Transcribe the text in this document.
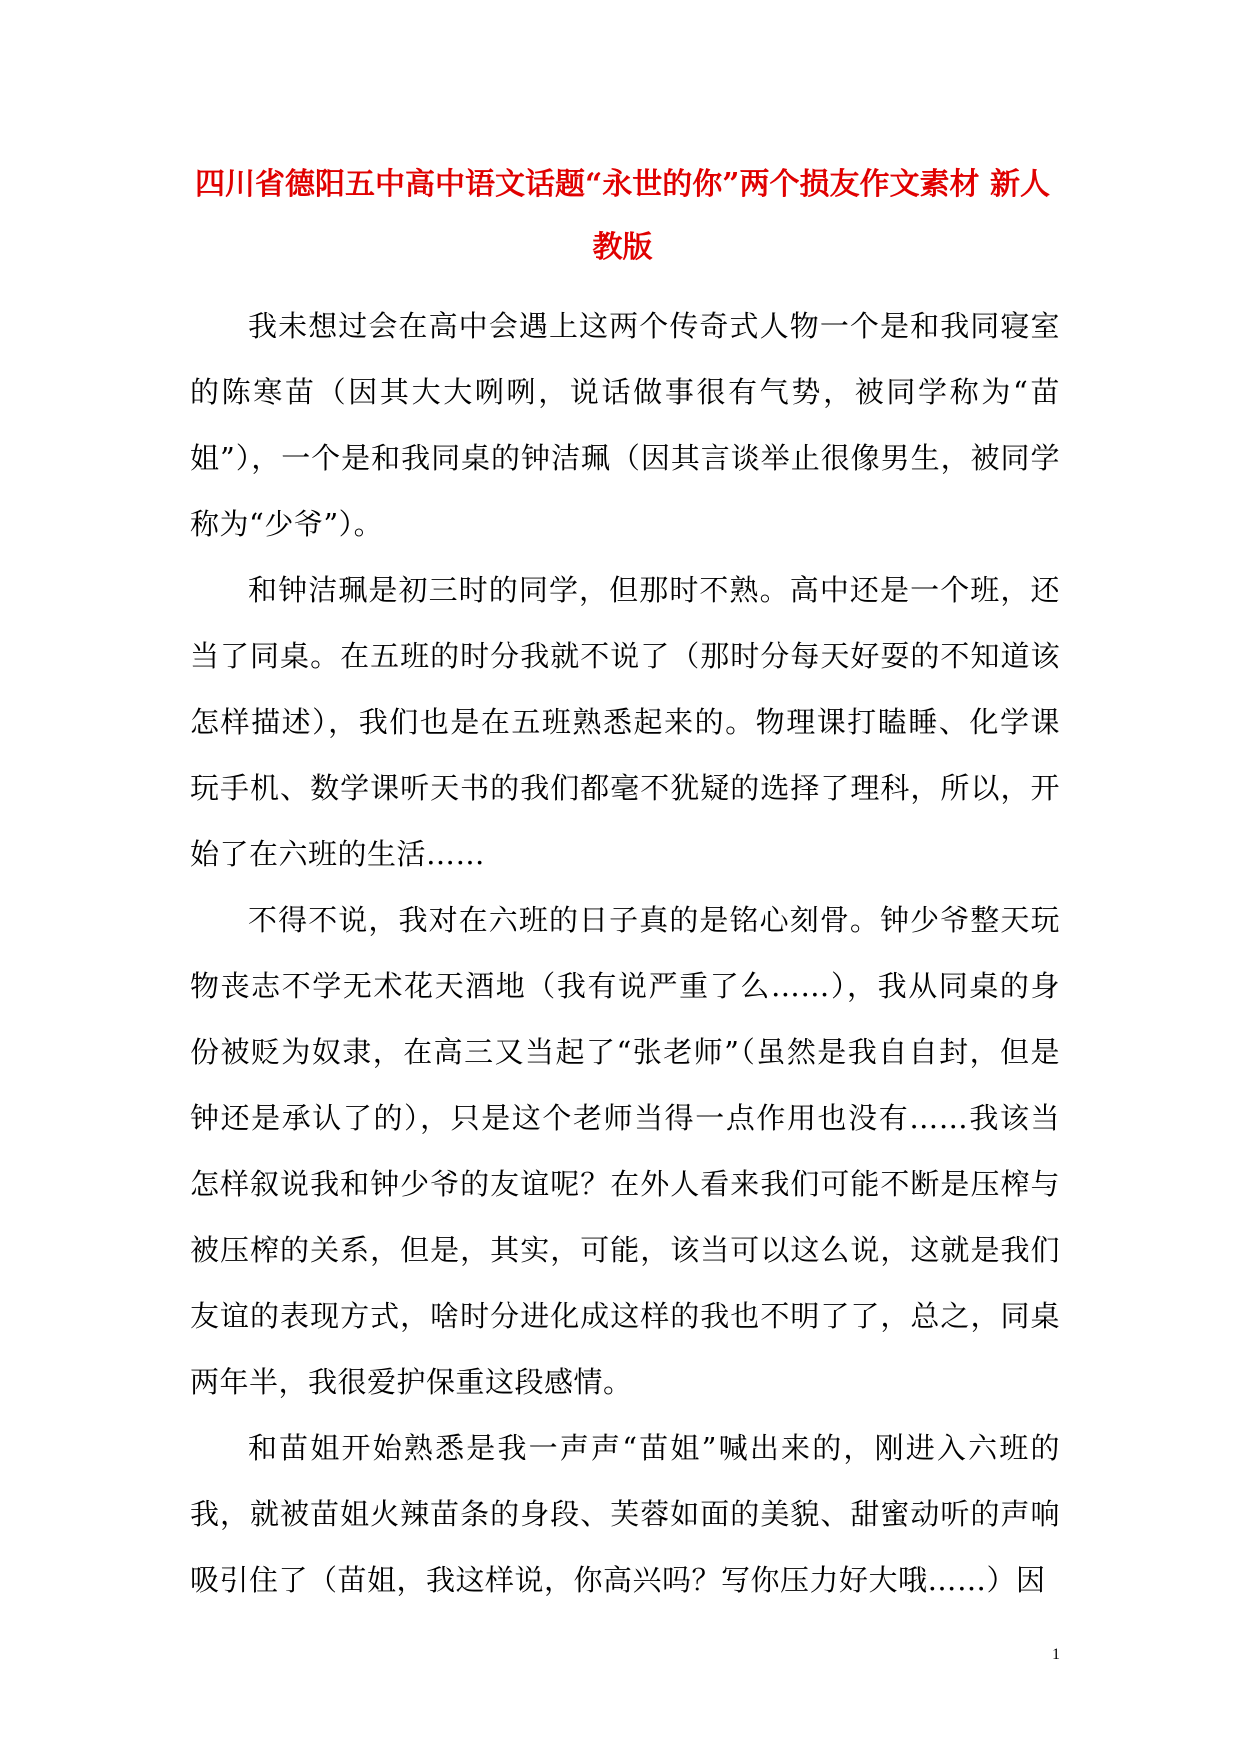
四川省德阳五中高中语文话题“永世的你”两个损友作文素材 新人
教版

我未想过会在高中会遇上这两个传奇式人物一个是和我同寝室的陈寒苗（因其大大咧咧，说话做事很有气势，被同学称为“苗姐”），一个是和我同桌的钟洁珮（因其言谈举止很像男生，被同学称为“少爷”）。

和钟洁珮是初三时的同学，但那时不熟。高中还是一个班，还当了同桌。在五班的时分我就不说了（那时分每天好耍的不知道该怎样描述），我们也是在五班熟悉起来的。物理课打瞌睡、化学课玩手机、数学课听天书的我们都毫不犹疑的选择了理科，所以，开始了在六班的生活……

不得不说，我对在六班的日子真的是铭心刻骨。钟少爷整天玩物丧志不学无术花天酒地（我有说严重了么……），我从同桌的身份被贬为奴隶，在高三又当起了“张老师”（虽然是我自自封，但是钟还是承认了的），只是这个老师当得一点作用也没有……我该当怎样叙说我和钟少爷的友谊呢？在外人看来我们可能不断是压榨与被压榨的关系，但是，其实，可能，该当可以这么说，这就是我们友谊的表现方式，啥时分进化成这样的我也不明了了，总之，同桌两年半，我很爱护保重这段感情。

和苗姐开始熟悉是我一声声“苗姐”喊出来的，刚进入六班的我，就被苗姐火辣苗条的身段、芙蓉如面的美貌、甜蜜动听的声响吸引住了（苗姐，我这样说，你高兴吗？写你压力好大哦……）因

1
